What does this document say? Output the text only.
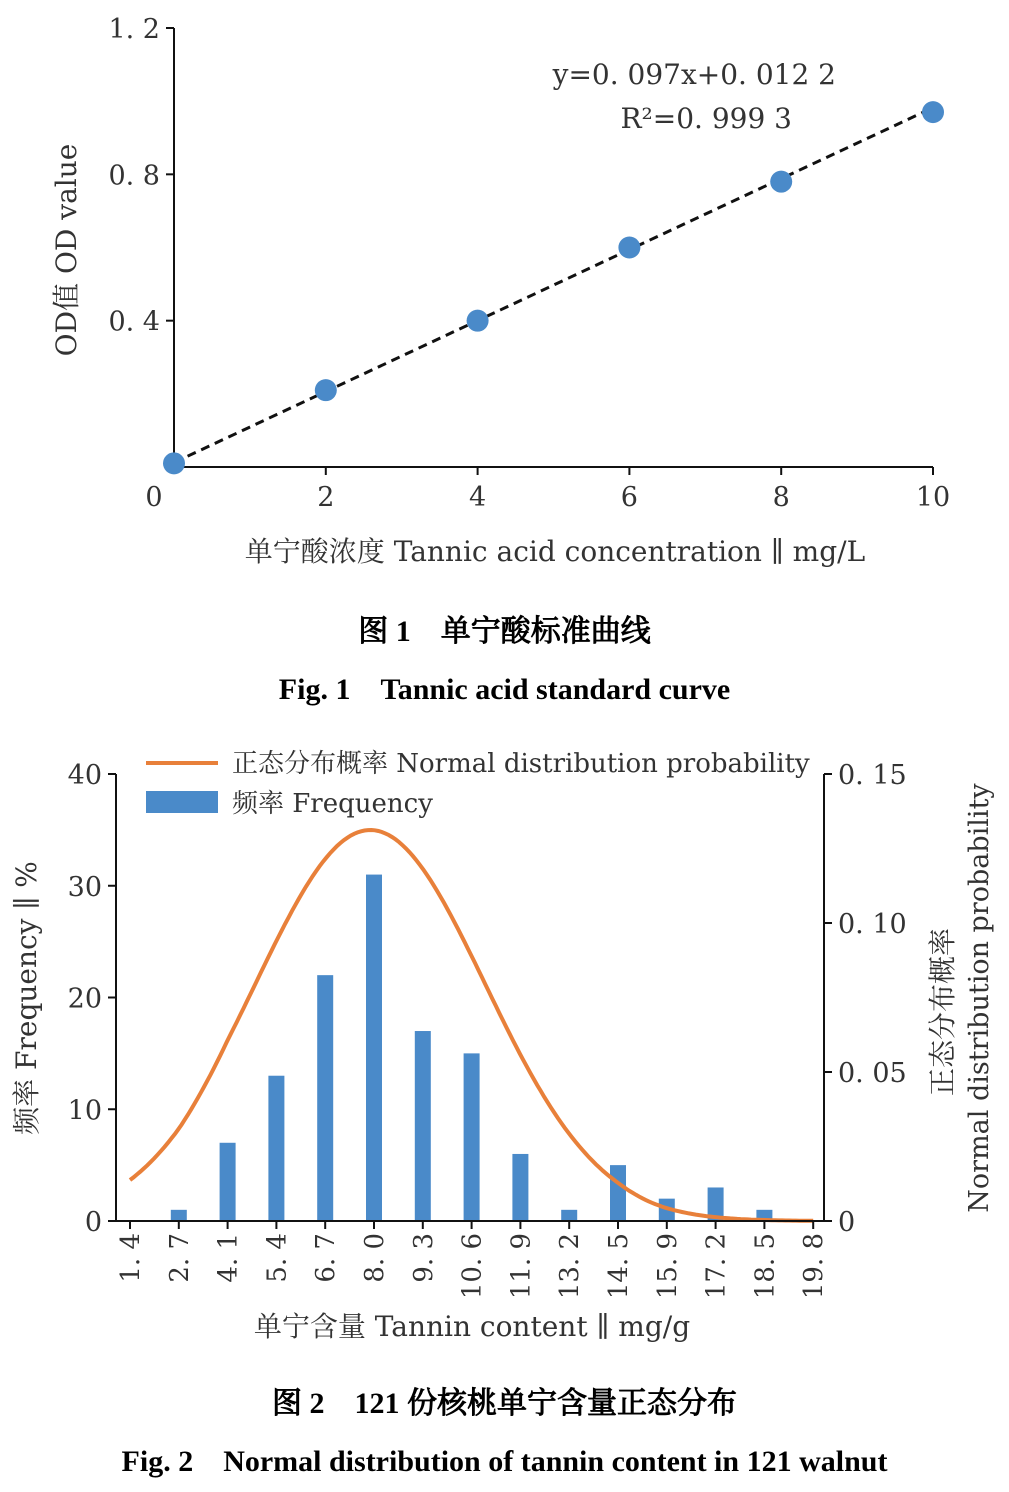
0	2	4	6	8	10
0. 4
0. 8
1. 2
y=0. 097x+0. 012 2
R²=0. 999 3
单宁酸浓度 Tannic acid concentration ∥ mg/L
OD值 OD value
0
10
20
30
40
0
0. 05
0. 10
0. 15
1. 4 2. 7 4. 1 5. 4 6. 7 8. 0 9. 3 10. 6 11. 9 13. 2 14. 5 15. 9 17. 2 18. 5 19. 8
正态分布概率 Normal distribution probability
频率 Frequency
单宁含量 Tannin content ∥ mg/g
频率 Frequency ∥ %	正态分布概率 Normal distribution probability
图 1　单宁酸标准曲线
Fig. 1　Tannic acid standard curve
图 2　121 份核桃单宁含量正态分布
Fig. 2　Normal distribution of tannin content in 121 walnut
